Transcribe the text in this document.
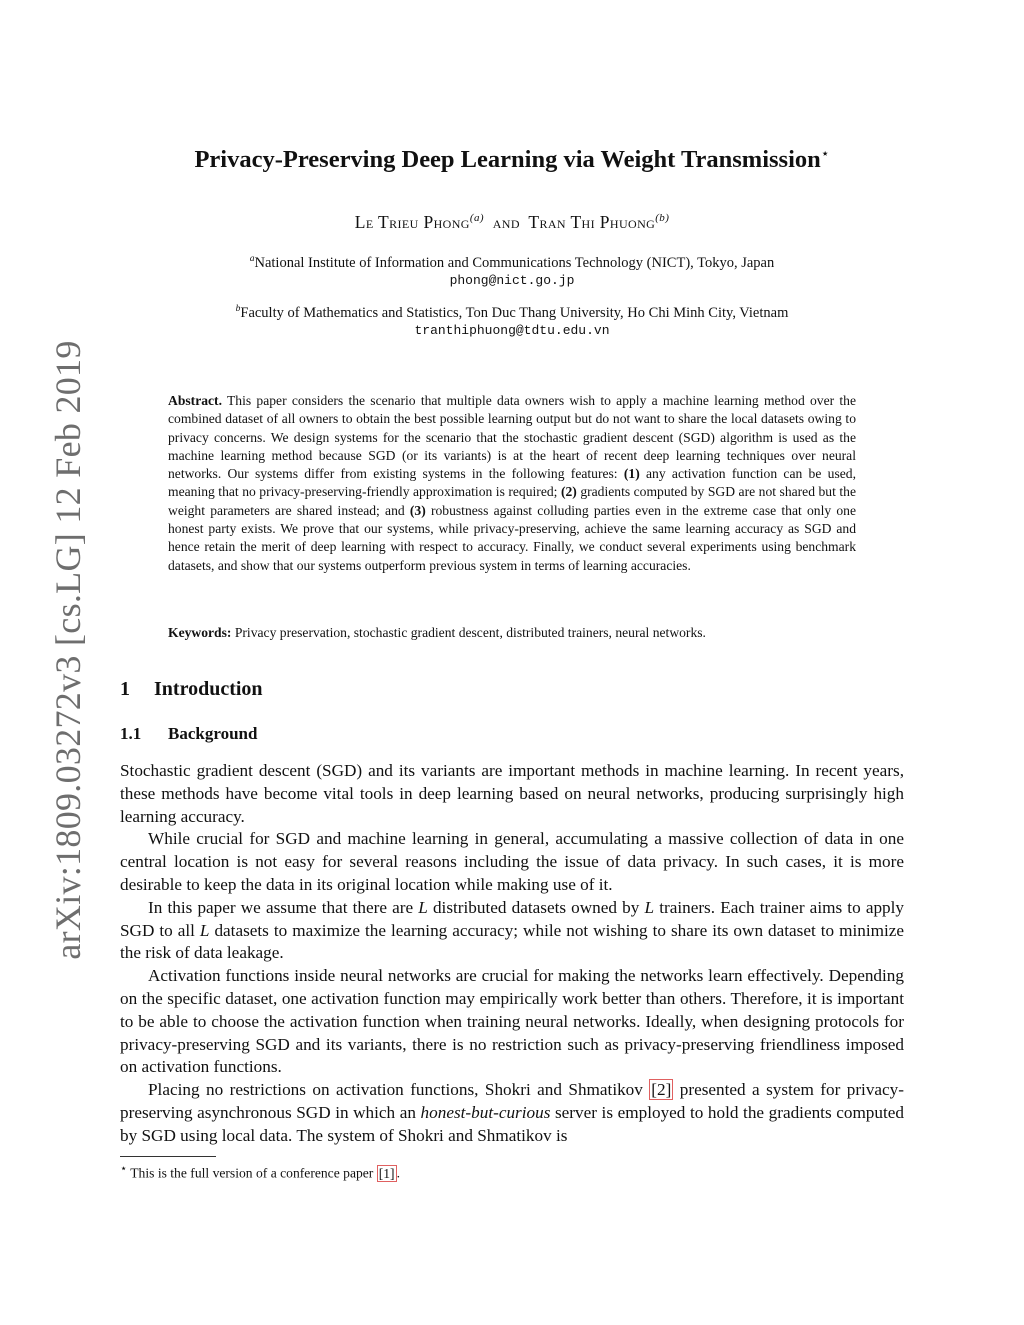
arXiv:1809.03272v3 [cs.LG] 12 Feb 2019
Privacy-Preserving Deep Learning via Weight Transmission⋆
Le Trieu Phong$^{(a)}$ and Tran Thi Phuong$^{(b)}$
$^a$National Institute of Information and Communications Technology (NICT), Tokyo, Japan
phong@nict.go.jp
$^b$Faculty of Mathematics and Statistics, Ton Duc Thang University, Ho Chi Minh City, Vietnam
tranthiphuong@tdtu.edu.vn
Abstract. This paper considers the scenario that multiple data owners wish to apply a machine learning method over the combined dataset of all owners to obtain the best possible learning output but do not want to share the local datasets owing to privacy concerns. We design systems for the scenario that the stochastic gradient descent (SGD) algorithm is used as the machine learning method because SGD (or its variants) is at the heart of recent deep learning techniques over neural networks. Our systems differ from existing systems in the following features: (1) any activation function can be used, meaning that no privacy-preserving-friendly approximation is required; (2) gradients computed by SGD are not shared but the weight parameters are shared instead; and (3) robustness against colluding parties even in the extreme case that only one honest party exists. We prove that our systems, while privacy-preserving, achieve the same learning accuracy as SGD and hence retain the merit of deep learning with respect to accuracy. Finally, we conduct several experiments using benchmark datasets, and show that our systems outperform previous system in terms of learning accuracies.
Keywords: Privacy preservation, stochastic gradient descent, distributed trainers, neural networks.
1 Introduction
1.1 Background

Stochastic gradient descent (SGD) and its variants are important methods in machine learning. In recent years, these methods have become vital tools in deep learning based on neural networks, producing surprisingly high learning accuracy.

While crucial for SGD and machine learning in general, accumulating a massive collection of data in one central location is not easy for several reasons including the issue of data privacy. In such cases, it is more desirable to keep the data in its original location while making use of it.

In this paper we assume that there are L distributed datasets owned by L trainers. Each trainer aims to apply SGD to all L datasets to maximize the learning accuracy; while not wishing to share its own dataset to minimize the risk of data leakage.

Activation functions inside neural networks are crucial for making the networks learn effectively. Depending on the specific dataset, one activation function may empirically work better than others. Therefore, it is important to be able to choose the activation function when training neural networks. Ideally, when designing protocols for privacy-preserving SGD and its variants, there is no restriction such as privacy-preserving friendliness imposed on activation functions.

Placing no restrictions on activation functions, Shokri and Shmatikov [2] presented a system for privacy-preserving asynchronous SGD in which an honest-but-curious server is employed to hold the gradients computed by SGD using local data. The system of Shokri and Shmatikov is

⋆ This is the full version of a conference paper [1] .
